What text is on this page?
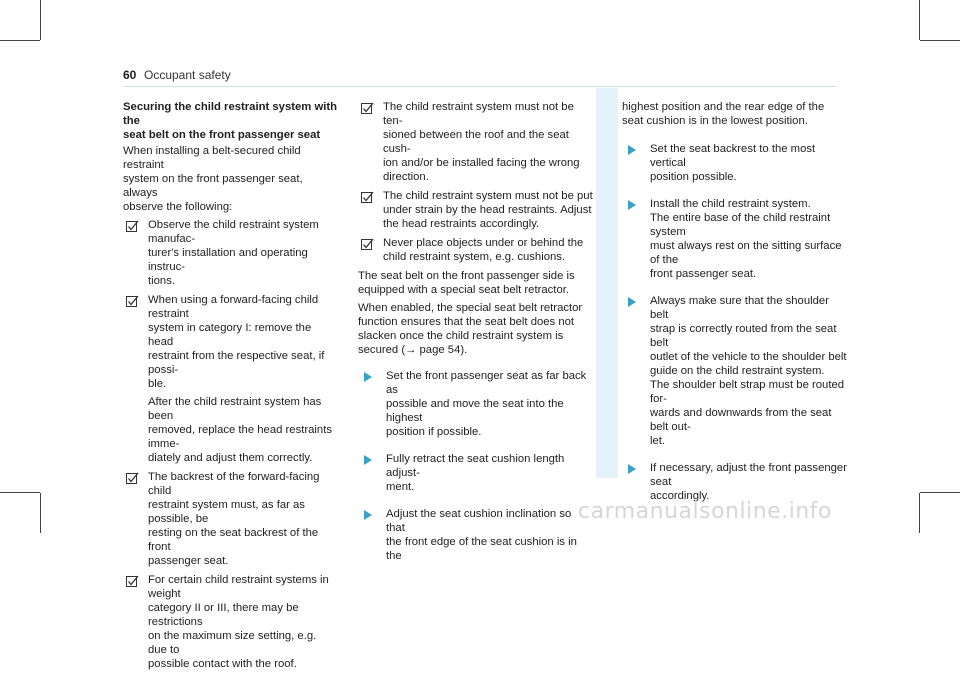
60 Occupant safety
Securing the child restraint system with the
seat belt on the front passenger seat
When installing a belt-secured child restraint
system on the front passenger seat, always
observe the following:
Observe the child restraint system manufac-
turer's installation and operating instruc-
tions.
When using a forward-facing child restraint
system in category I: remove the head
restraint from the respective seat, if possi-
ble.
After the child restraint system has been
removed, replace the head restraints imme-
diately and adjust them correctly.
The backrest of the forward-facing child
restraint system must, as far as possible, be
resting on the seat backrest of the front
passenger seat.
For certain child restraint systems in weight
category II or III, there may be restrictions
on the maximum size setting, e.g. due to
possible contact with the roof.
The child restraint system must not be ten-
sioned between the roof and the seat cush-
ion and/or be installed facing the wrong
direction.
The child restraint system must not be put
under strain by the head restraints. Adjust
the head restraints accordingly.
Never place objects under or behind the
child restraint system, e.g. cushions.
The seat belt on the front passenger side is
equipped with a special seat belt retractor.
When enabled, the special seat belt retractor
function ensures that the seat belt does not
slacken once the child restraint system is
secured (→ page 54).
Set the front passenger seat as far back as
possible and move the seat into the highest
position if possible.
Fully retract the seat cushion length adjust-
ment.
Adjust the seat cushion inclination so that
the front edge of the seat cushion is in the
highest position and the rear edge of the
seat cushion is in the lowest position.
Set the seat backrest to the most vertical
position possible.
Install the child restraint system.
The entire base of the child restraint system
must always rest on the sitting surface of the
front passenger seat.
Always make sure that the shoulder belt
strap is correctly routed from the seat belt
outlet of the vehicle to the shoulder belt
guide on the child restraint system.
The shoulder belt strap must be routed for-
wards and downwards from the seat belt out-
let.
If necessary, adjust the front passenger seat
accordingly.
carmanualsonline.info
